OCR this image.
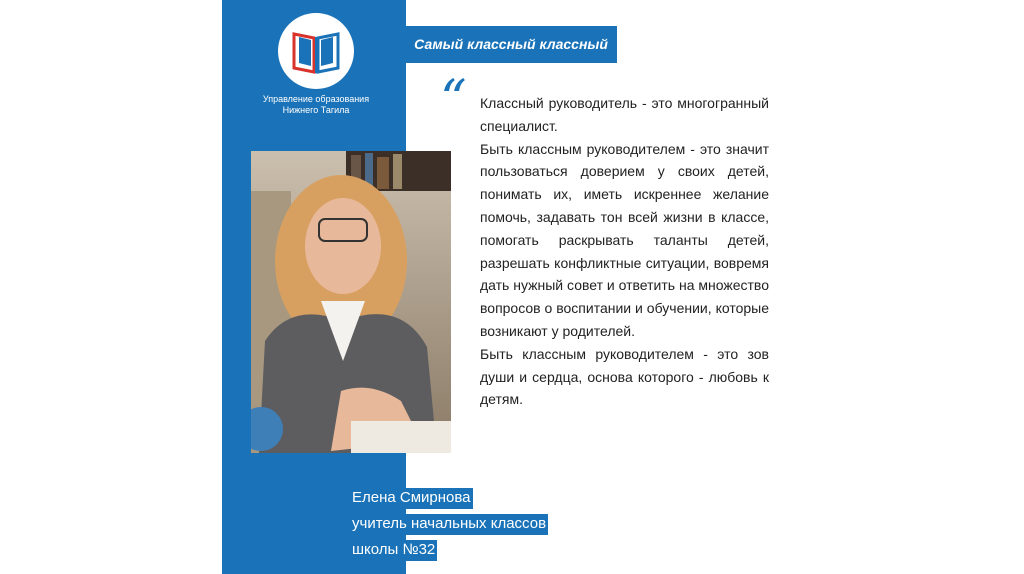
Управление образования
Нижнего Тагила
Самый классный классный
“ Классный руководитель - это многогранный специалист.

Быть классным руководителем - это значит пользоваться доверием у своих детей, понимать их, иметь искреннее желание помочь, задавать тон всей жизни в классе, помогать раскрывать таланты детей, разрешать конфликтные ситуации, вовремя дать нужный совет и ответить на множество вопросов о воспитании и обучении, которые возникают у родителей.

Быть классным руководителем - это зов души и сердца, основа которого - любовь к детям.

Елена Смирнова
учитель начальных классов
школы №32
